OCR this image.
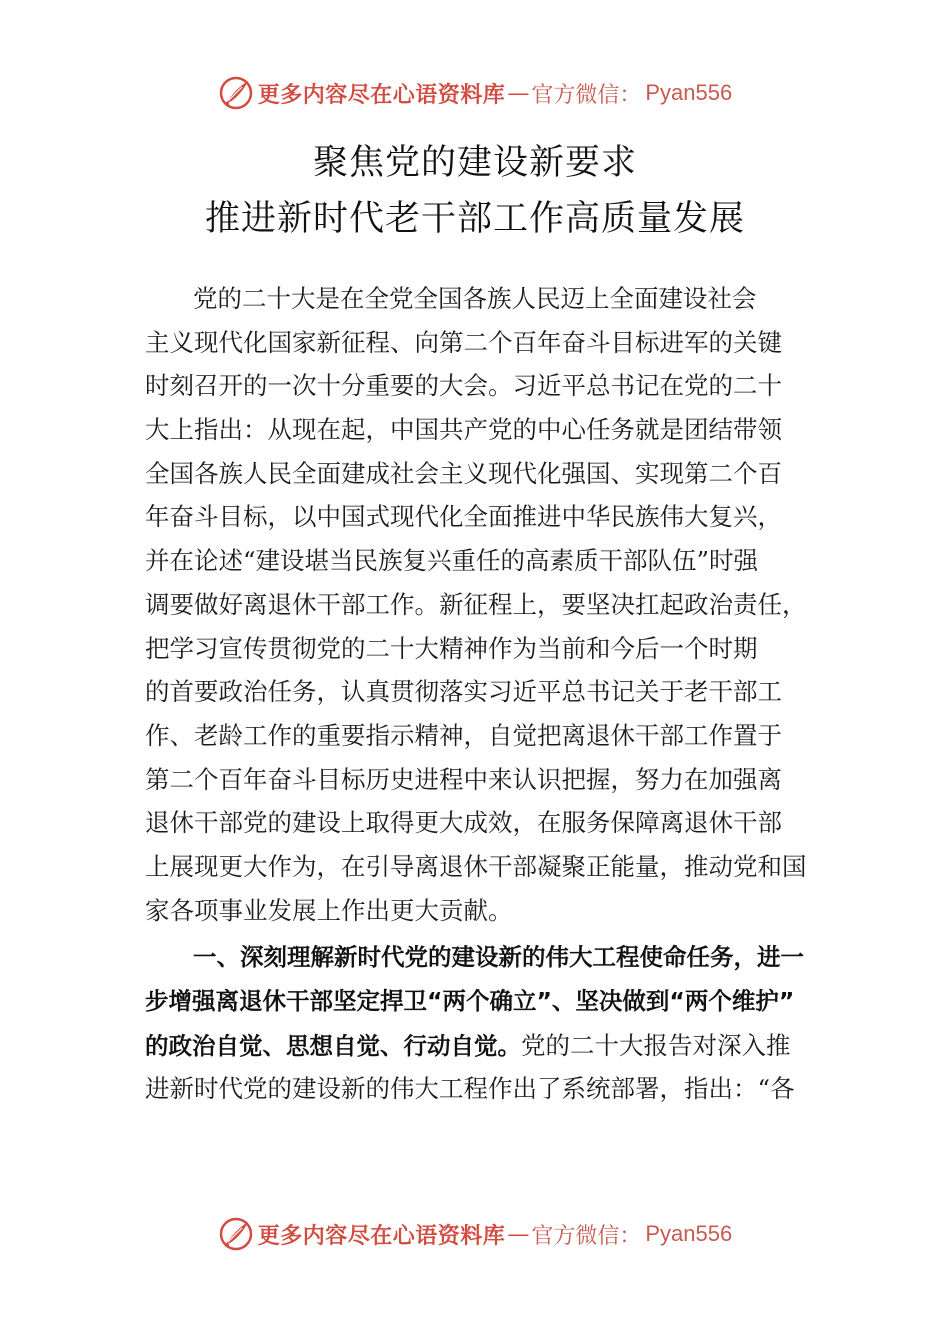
更多内容尽在心语资料库 — 官方微信： Pyan556
聚焦党的建设新要求
推进新时代老干部工作高质量发展
党的二十大是在全党全国各族人民迈上全面建设社会
主义现代化国家新征程、向第二个百年奋斗目标进军的关键
时刻召开的一次十分重要的大会。习近平总书记在党的二十
大上指出：从现在起，中国共产党的中心任务就是团结带领
全国各族人民全面建成社会主义现代化强国、实现第二个百
年奋斗目标，以中国式现代化全面推进中华民族伟大复兴，
并在论述“建设堪当民族复兴重任的高素质干部队伍”时强
调要做好离退休干部工作。新征程上，要坚决扛起政治责任，
把学习宣传贯彻党的二十大精神作为当前和今后一个时期
的首要政治任务，认真贯彻落实习近平总书记关于老干部工
作、老龄工作的重要指示精神，自觉把离退休干部工作置于
第二个百年奋斗目标历史进程中来认识把握，努力在加强离
退休干部党的建设上取得更大成效，在服务保障离退休干部
上展现更大作为，在引导离退休干部凝聚正能量，推动党和国
家各项事业发展上作出更大贡献。
一、深刻理解新时代党的建设新的伟大工程使命任务，进一
步增强离退休干部坚定捍卫“两个确立”、坚决做到“两个维护”
的政治自觉、思想自觉、行动自觉。党的二十大报告对深入推
进新时代党的建设新的伟大工程作出了系统部署，指出：“各
更多内容尽在心语资料库 — 官方微信： Pyan556
